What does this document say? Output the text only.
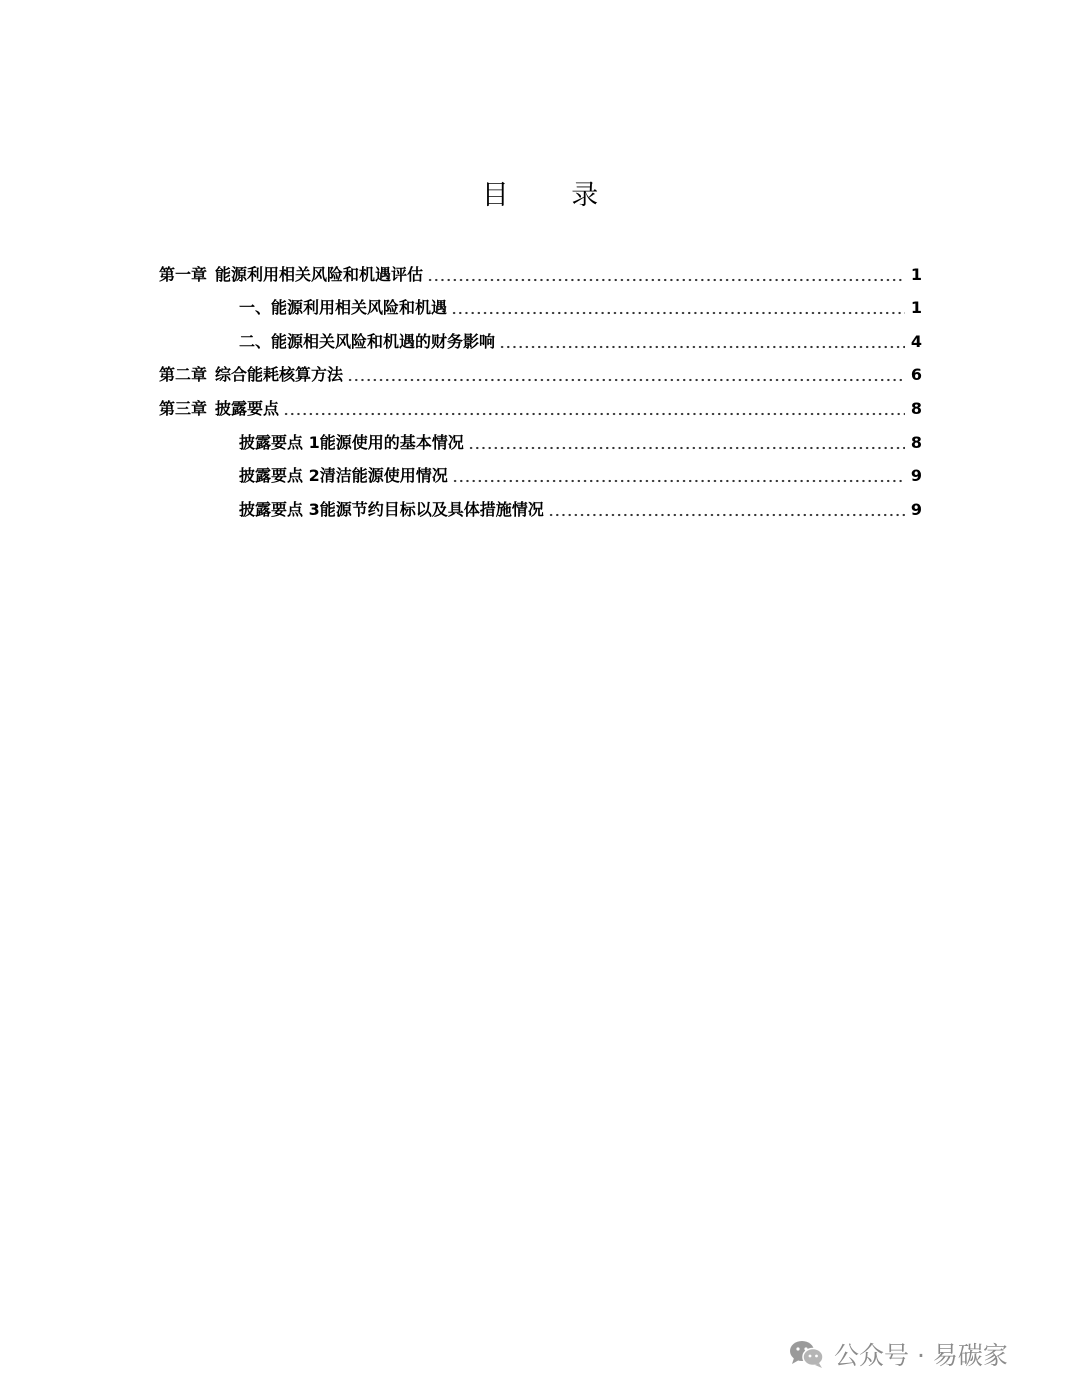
目 录
第一章 能源利用相关风险和机遇评估	1
一、 能源利用相关风险和机遇	1
二、 能源相关风险和机遇的财务影响	4
第二章 综合能耗核算方法	6
第三章 披露要点	8
披露要点 1 能源使用的基本情况	8
披露要点 2 清洁能源使用情况	9
披露要点 3 能源节约目标以及具体措施情况	9
公众号 · 易碳家
